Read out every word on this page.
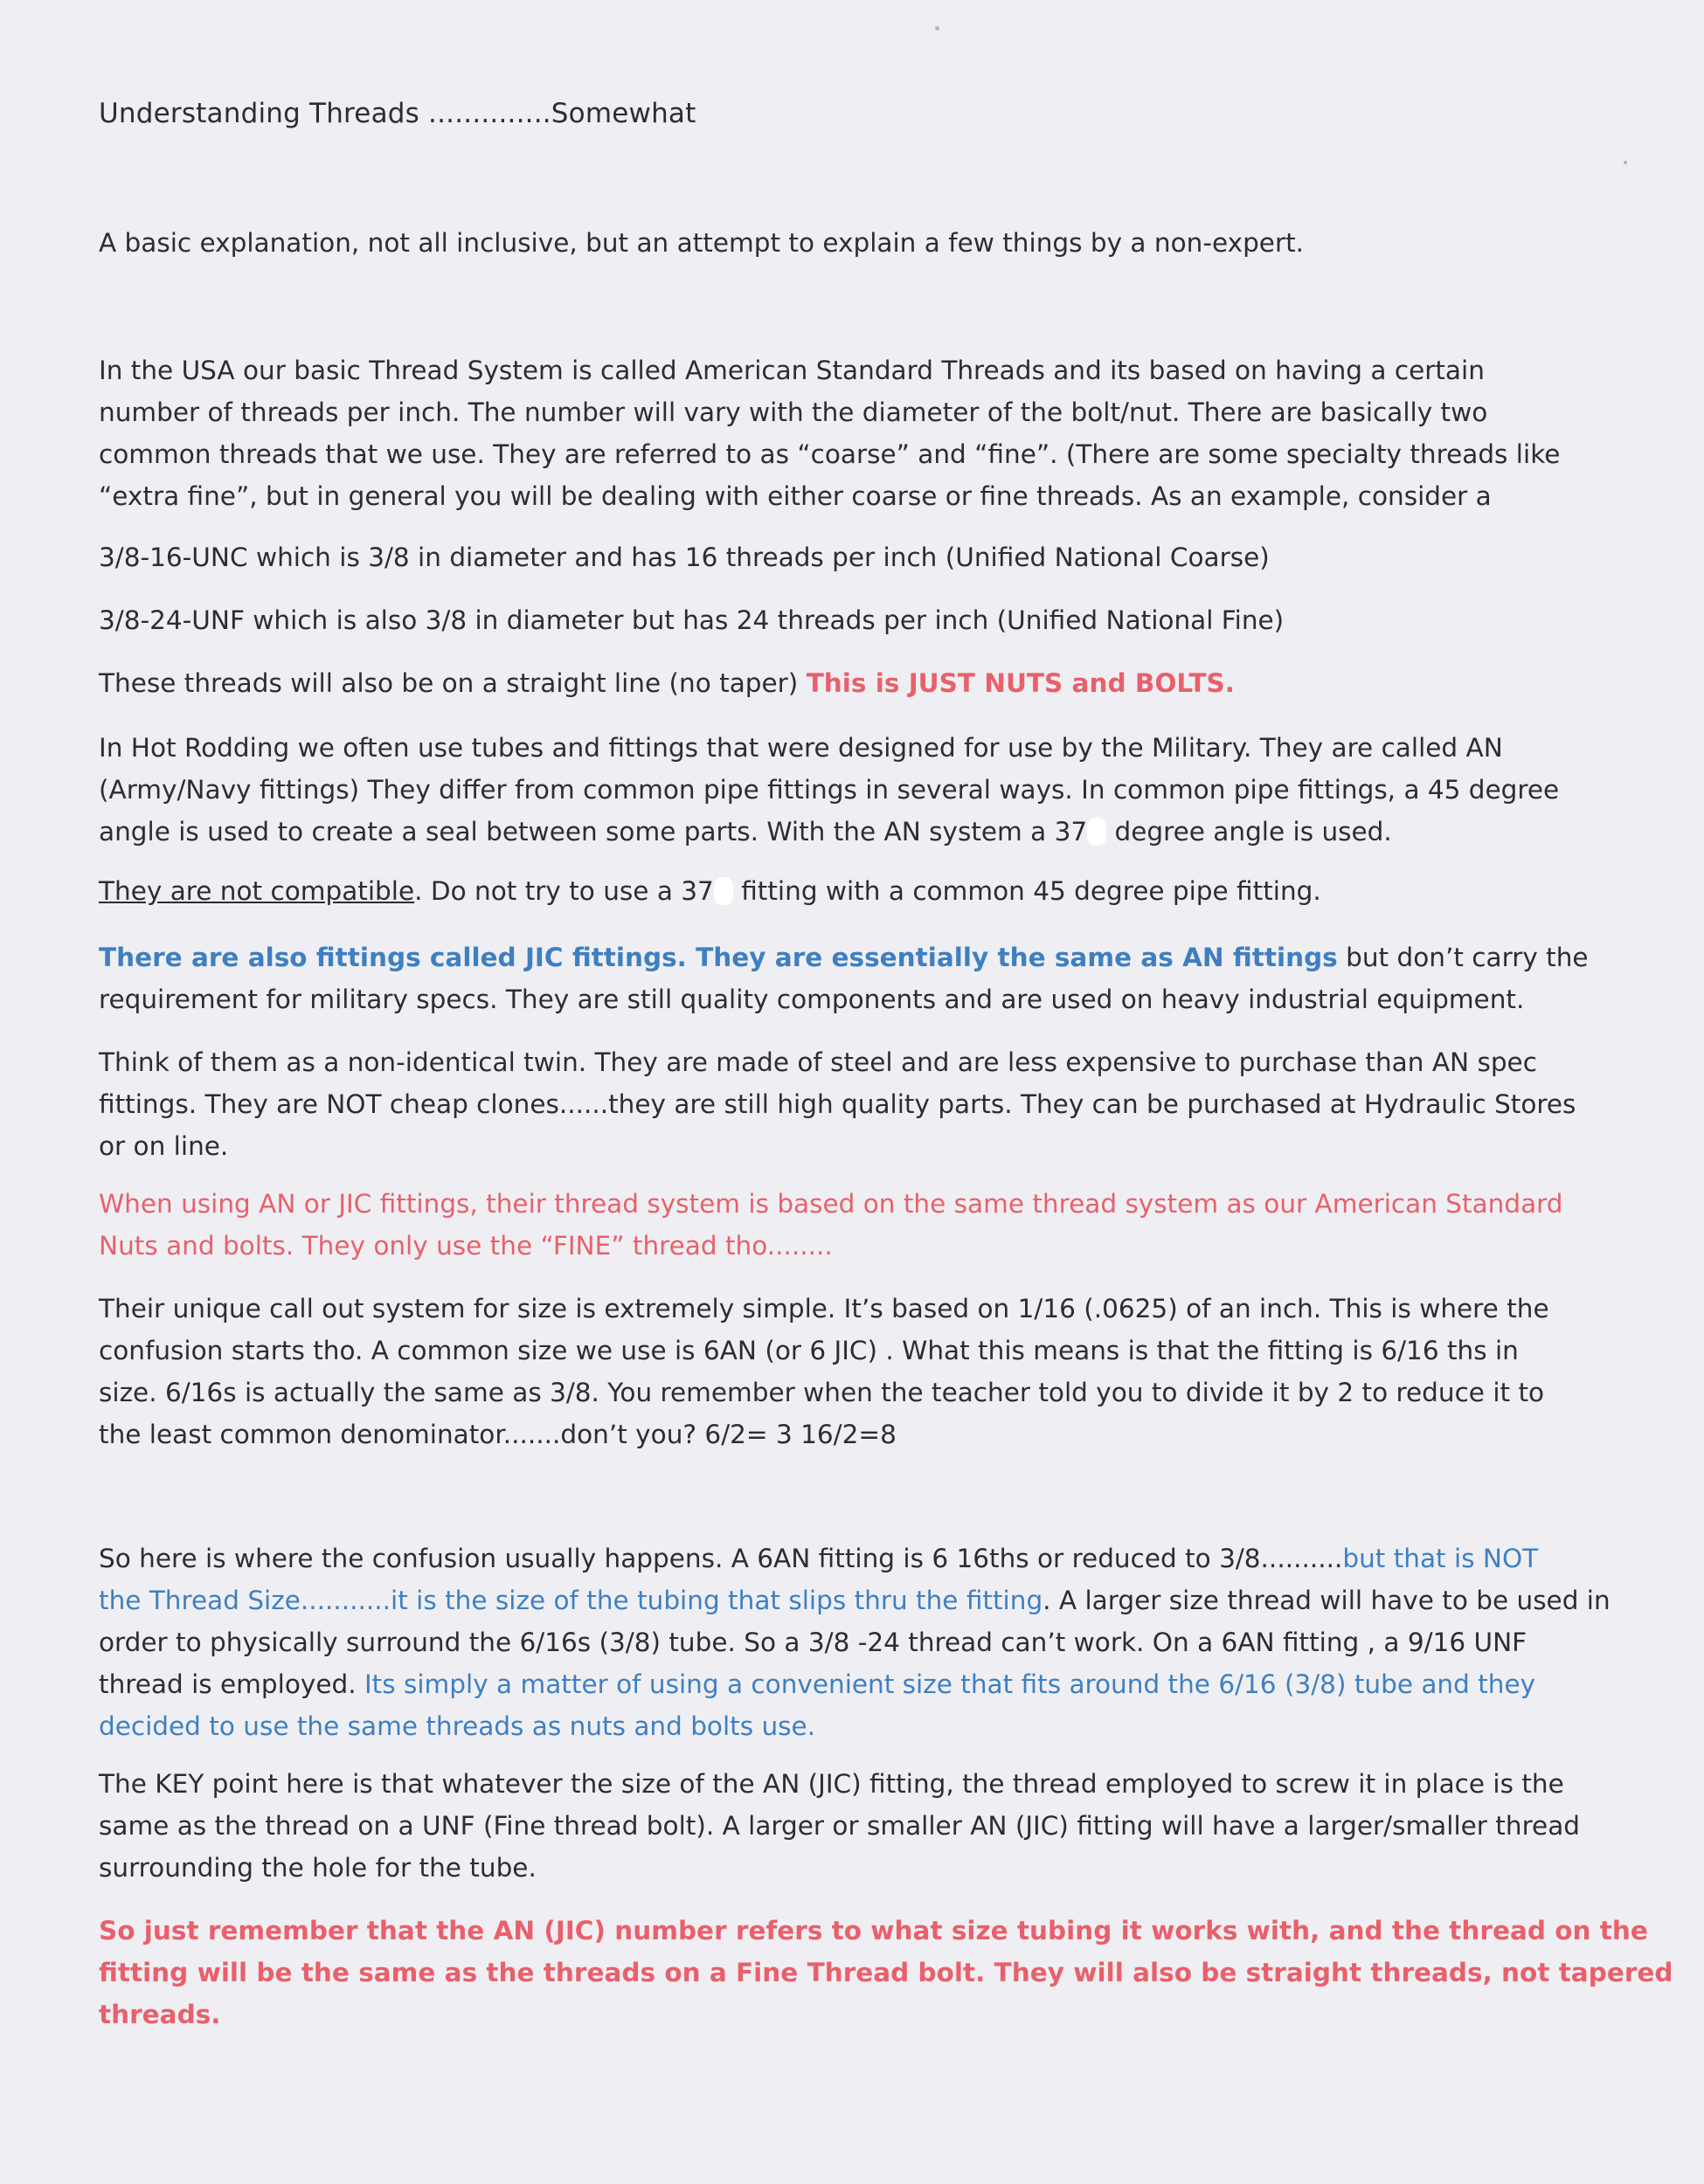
Understanding Threads ..............Somewhat

A basic explanation, not all inclusive, but an attempt to explain a few things by a non-expert.

In the USA our basic Thread System is called American Standard Threads and its based on having a certain
number of threads per inch. The number will vary with the diameter of the bolt/nut. There are basically two
common threads that we use. They are referred to as “coarse” and “fine”. (There are some specialty threads like
“extra fine”, but in general you will be dealing with either coarse or fine threads. As an example, consider a

3/8-16-UNC which is 3/8 in diameter and has 16 threads per inch (Unified National Coarse)

3/8-24-UNF which is also 3/8 in diameter but has 24 threads per inch (Unified National Fine)

These threads will also be on a straight line (no taper) This is JUST NUTS and BOLTS.

In Hot Rodding we often use tubes and fittings that were designed for use by the Military. They are called AN
(Army/Navy fittings) They differ from common pipe fittings in several ways. In common pipe fittings, a 45 degree
angle is used to create a seal between some parts. With the AN system a 37 degree angle is used.

They are not compatible. Do not try to use a 37 fitting with a common 45 degree pipe fitting.

There are also fittings called JIC fittings. They are essentially the same as AN fittings but don’t carry the
requirement for military specs. They are still quality components and are used on heavy industrial equipment.

Think of them as a non-identical twin. They are made of steel and are less expensive to purchase than AN spec
fittings. They are NOT cheap clones......they are still high quality parts. They can be purchased at Hydraulic Stores
or on line.

When using AN or JIC fittings, their thread system is based on the same thread system as our American Standard
Nuts and bolts. They only use the “FINE” thread tho........

Their unique call out system for size is extremely simple. It’s based on 1/16 (.0625) of an inch. This is where the
confusion starts tho. A common size we use is 6AN (or 6 JIC) . What this means is that the fitting is 6/16 ths in
size. 6/16s is actually the same as 3/8. You remember when the teacher told you to divide it by 2 to reduce it to
the least common denominator.......don’t you? 6/2= 3 16/2=8

So here is where the confusion usually happens. A 6AN fitting is 6 16ths or reduced to 3/8..........but that is NOT
the Thread Size...........it is the size of the tubing that slips thru the fitting. A larger size thread will have to be used in
order to physically surround the 6/16s (3/8) tube. So a 3/8 -24 thread can’t work. On a 6AN fitting , a 9/16 UNF
thread is employed. Its simply a matter of using a convenient size that fits around the 6/16 (3/8) tube and they
decided to use the same threads as nuts and bolts use.

The KEY point here is that whatever the size of the AN (JIC) fitting, the thread employed to screw it in place is the
same as the thread on a UNF (Fine thread bolt). A larger or smaller AN (JIC) fitting will have a larger/smaller thread
surrounding the hole for the tube.

So just remember that the AN (JIC) number refers to what size tubing it works with, and the thread on the
fitting will be the same as the threads on a Fine Thread bolt. They will also be straight threads, not tapered
threads.
